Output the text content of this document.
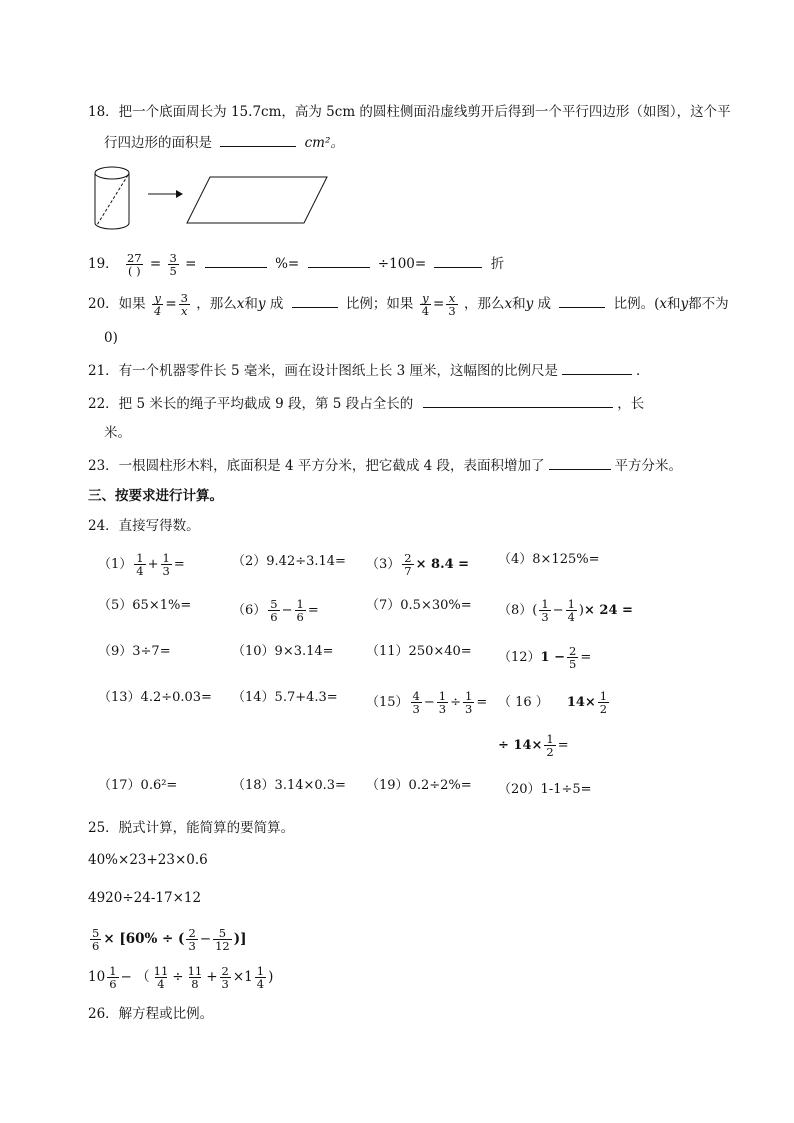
18．把一个底面周长为 15.7cm，高为 5cm 的圆柱侧面沿虚线剪开后得到一个平行四边形（如图），这个平
行四边形的面积是	cm²。
19． $\frac{27}{( )} = \frac{3}{5}$ =	%=	÷100=	折
20．如果 $\frac{y}{4} = \frac{3}{x}$ ，那么x和y 成	比例；如果 $\frac{y}{4} = \frac{x}{3}$ ，那么x和y 成	比例。(x和y都不为
0)
21．有一个机器零件长 5 毫米，画在设计图纸上长 3 厘米，这幅图的比例尺是	．
22．把 5 米长的绳子平均截成 9 段，第 5 段占全长的	，长
米。
23．一根圆柱形木料，底面积是 4 平方分米，把它截成 4 段，表面积增加了	平方分米。
三、按要求进行计算。
24．直接写得数。
$(1) \frac{1}{4} + \frac{1}{3}$ =	$(2)9.42\div 3.14= (3) \frac{2}{7} \times 8.4 = (4)8\times 125\%=$
（5）65×1%=	$(6) \frac{5}{6} - \frac{1}{6}$ =	$(7)0.5\times 30\%= (8)( \frac{1}{3} - \frac{1}{4}$ )× 24 =
（9）3÷7=	$(10)9\times 3.14= (11)250\times 40= (12)1 - \frac{2}{5}$ =
$(13)4.2\div 0.03= (14)5.7+4.3= (15) \frac{4}{3} - \frac{1}{3} \div \frac{1}{3}$ = （ 16 ） $14\times \frac{1}{2}$
÷ $14\times \frac{1}{2}$ =
（17）0.6²=	（18）3.14×0.3= （19）0.2÷2%= （20）1-1÷5=
25．脱式计算，能简算的要简算。
40%×23+23×0.6
4920÷24-17×12
$\frac{5}{6} \times [60\%$ ÷ ( $\frac{2}{3} - \frac{5}{12}$ )]
$10 \frac{1}{6}$ − （ $\frac{11}{4} \div \frac{11}{8} + \frac{2}{3} \times 1 \frac{1}{4}$ )
26．解方程或比例。
